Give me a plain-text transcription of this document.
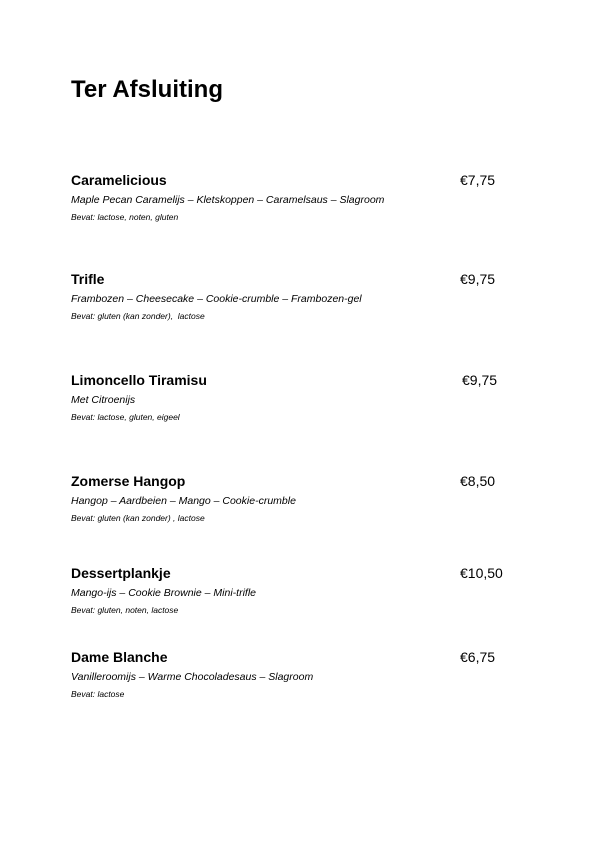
Ter Afsluiting
Caramelicious	€7,75
Maple Pecan Caramelijs – Kletskoppen – Caramelsaus – Slagroom
Bevat: lactose, noten, gluten
Trifle	€9,75
Frambozen – Cheesecake – Cookie-crumble – Frambozen-gel
Bevat: gluten (kan zonder),  lactose
Limoncello Tiramisu	€9,75
Met Citroenijs
Bevat: lactose, gluten, eigeel
Zomerse Hangop	€8,50
Hangop – Aardbeien – Mango – Cookie-crumble
Bevat: gluten (kan zonder) , lactose
Dessertplankje	€10,50
Mango-ijs – Cookie Brownie – Mini-trifle
Bevat: gluten, noten, lactose
Dame Blanche	€6,75
Vanilleroomijs – Warme Chocoladesaus – Slagroom
Bevat: lactose
